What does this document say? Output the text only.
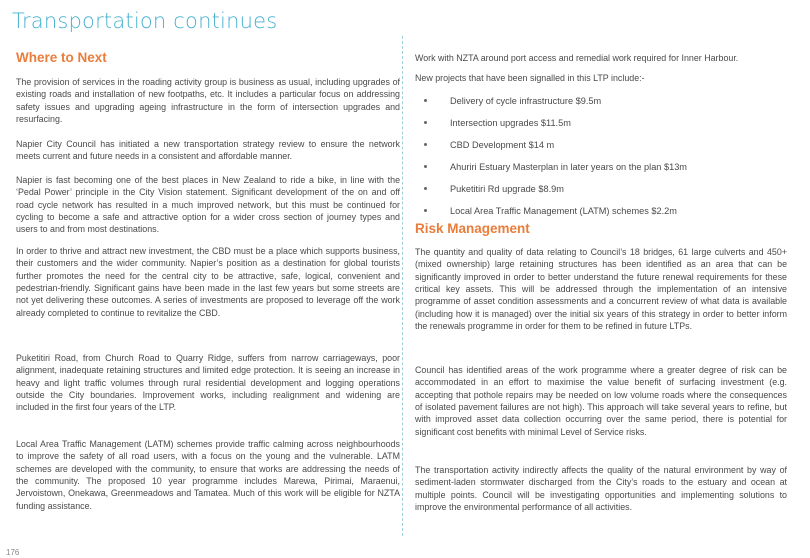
Transportation continues
Where to Next

The provision of services in the roading activity group is business as usual, including upgrades of existing roads and installation of new footpaths, etc. It includes a particular focus on addressing safety issues and upgrading ageing infrastructure in the form of intersection upgrades and resurfacing.

Napier City Council has initiated a new transportation strategy review to ensure the network meets current and future needs in a consistent and affordable manner.

Napier is fast becoming one of the best places in New Zealand to ride a bike, in line with the ‘Pedal Power’ principle in the City Vision statement. Significant development of the on and off road cycle network has resulted in a much improved network, but this must be continued for cycling to become a safe and attractive option for a wider cross section of journey types and users to and from most destinations.

In order to thrive and attract new investment, the CBD must be a place which supports business, their customers and the wider community. Napier’s position as a destination for global tourists further promotes the need for the central city to be attractive, safe, logical, convenient and pedestrian-friendly. Significant gains have been made in the last few years but some streets are not yet delivering these outcomes. A series of investments are proposed to leverage off the work already completed to continue to revitalize the CBD.

Puketitiri Road, from Church Road to Quarry Ridge, suffers from narrow carriageways, poor alignment, inadequate retaining structures and limited edge protection. It is seeing an increase in heavy and light traffic volumes through rural residential development and logging operations outside the City boundaries. Improvement works, including realignment and widening are included in the first four years of the LTP.

Local Area Traffic Management (LATM) schemes provide traffic calming across neighbourhoods to improve the safety of all road users, with a focus on the young and the vulnerable. LATM schemes are developed with the community, to ensure that works are addressing the needs of the community. The proposed 10 year programme includes Marewa, Pirimai, Maraenui, Jervoistown, Onekawa, Greenmeadows and Tamatea. Much of this work will be eligible for NZTA funding assistance.

Work with NZTA around port access and remedial work required for Inner Harbour.

New projects that have been signalled in this LTP include:-

Delivery of cycle infrastructure $9.5m
Intersection upgrades $11.5m
CBD Development $14 m
Ahuriri Estuary Masterplan in later years on the plan $13m
Puketitiri Rd upgrade $8.9m
Local Area Traffic Management (LATM) schemes $2.2m
Risk Management

The quantity and quality of data relating to Council’s 18 bridges, 61 large culverts and 450+ (mixed ownership) large retaining structures has been identified as an area that can be significantly improved in order to better understand the future renewal requirements for these critical key assets. This will be addressed through the implementation of an intensive programme of asset condition assessments and a concurrent review of what data is available (including how it is managed) over the initial six years of this strategy in order to better inform the renewals programme in order for them to be refined in future LTPs.

Council has identified areas of the work programme where a greater degree of risk can be accommodated in an effort to maximise the value benefit of surfacing investment (e.g. accepting that pothole repairs may be needed on low volume roads where the consequences of isolated pavement failures are not high). This approach will take several years to refine, but with improved asset data collection occurring over the same period, there is potential for significant cost benefits with minimal Level of Service risks.

The transportation activity indirectly affects the quality of the natural environment by way of sediment-laden stormwater discharged from the City’s roads to the estuary and ocean at multiple points. Council will be investigating opportunities and implementing solutions to improve the environmental performance of all activities.

176
